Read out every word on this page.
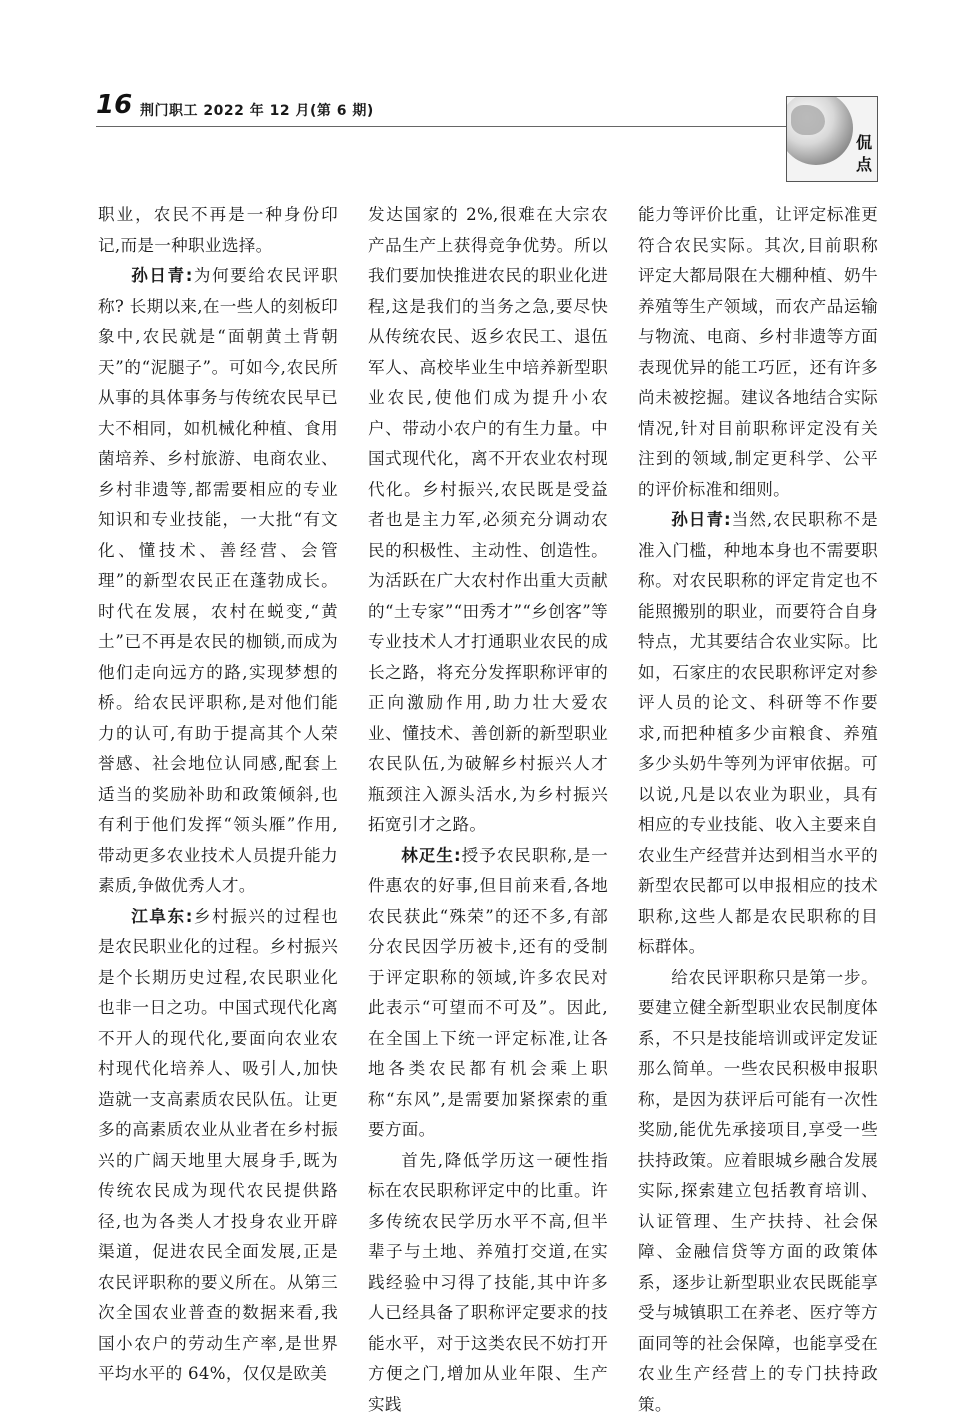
16 荆门职工 2022 年 12 月(第 6 期)
侃点

职业，农民不再是一种身份印记,而是一种职业选择。

孙日青:为何要给农民评职称? 长期以来,在一些人的刻板印象中,农民就是“面朝黄土背朝天”的“泥腿子”。可如今,农民所从事的具体事务与传统农民早已大不相同，如机械化种植、食用菌培养、乡村旅游、电商农业、乡村非遗等,都需要相应的专业知识和专业技能，一大批“有文化、懂技术、善经营、会管理”的新型农民正在蓬勃成长。时代在发展，农村在蜕变,“黄土”已不再是农民的枷锁,而成为他们走向远方的路,实现梦想的桥。给农民评职称,是对他们能力的认可,有助于提高其个人荣誉感、社会地位认同感,配套上适当的奖励补助和政策倾斜,也有利于他们发挥“领头雁”作用,带动更多农业技术人员提升能力素质,争做优秀人才。

江阜东:乡村振兴的过程也是农民职业化的过程。乡村振兴是个长期历史过程,农民职业化也非一日之功。中国式现代化离不开人的现代化,要面向农业农村现代化培养人、吸引人,加快造就一支高素质农民队伍。让更多的高素质农业从业者在乡村振兴的广阔天地里大展身手,既为传统农民成为现代农民提供路径,也为各类人才投身农业开辟渠道，促进农民全面发展,正是农民评职称的要义所在。从第三次全国农业普查的数据来看,我国小农户的劳动生产率,是世界平均水平的 64%，仅仅是欧美

发达国家的 2%,很难在大宗农产品生产上获得竞争优势。所以我们要加快推进农民的职业化进程,这是我们的当务之急,要尽快从传统农民、返乡农民工、退伍军人、高校毕业生中培养新型职业农民,使他们成为提升小农户、带动小农户的有生力量。中国式现代化，离不开农业农村现代化。乡村振兴,农民既是受益者也是主力军,必须充分调动农民的积极性、主动性、创造性。为活跃在广大农村作出重大贡献的“土专家”“田秀才”“乡创客”等专业技术人才打通职业农民的成长之路，将充分发挥职称评审的正向激励作用,助力壮大爱农业、懂技术、善创新的新型职业农民队伍,为破解乡村振兴人才瓶颈注入源头活水,为乡村振兴拓宽引才之路。

林疋生:授予农民职称,是一件惠农的好事,但目前来看,各地农民获此“殊荣”的还不多,有部分农民因学历被卡,还有的受制于评定职称的领域,许多农民对此表示“可望而不可及”。因此,在全国上下统一评定标准,让各地各类农民都有机会乘上职称“东风”,是需要加紧探索的重要方面。

首先,降低学历这一硬性指标在农民职称评定中的比重。许多传统农民学历水平不高,但半辈子与土地、养殖打交道,在实践经验中习得了技能,其中许多人已经具备了职称评定要求的技能水平，对于这类农民不妨打开方便之门,增加从业年限、生产实践

能力等评价比重，让评定标准更符合农民实际。其次,目前职称评定大都局限在大棚种植、奶牛养殖等生产领域，而农产品运输与物流、电商、乡村非遗等方面表现优异的能工巧匠，还有许多尚未被挖掘。建议各地结合实际情况,针对目前职称评定没有关注到的领域,制定更科学、公平的评价标准和细则。

孙日青:当然,农民职称不是准入门槛，种地本身也不需要职称。对农民职称的评定肯定也不能照搬别的职业，而要符合自身特点，尤其要结合农业实际。比如，石家庄的农民职称评定对参评人员的论文、科研等不作要求,而把种植多少亩粮食、养殖多少头奶牛等列为评审依据。可以说,凡是以农业为职业，具有相应的专业技能、收入主要来自农业生产经营并达到相当水平的新型农民都可以申报相应的技术职称,这些人都是农民职称的目标群体。

给农民评职称只是第一步。要建立健全新型职业农民制度体系，不只是技能培训或评定发证那么简单。一些农民积极申报职称，是因为获评后可能有一次性奖励,能优先承接项目,享受一些扶持政策。应着眼城乡融合发展实际,探索建立包括教育培训、认证管理、生产扶持、社会保障、金融信贷等方面的政策体系，逐步让新型职业农民既能享受与城镇职工在养老、医疗等方面同等的社会保障，也能享受在农业生产经营上的专门扶持政策。
